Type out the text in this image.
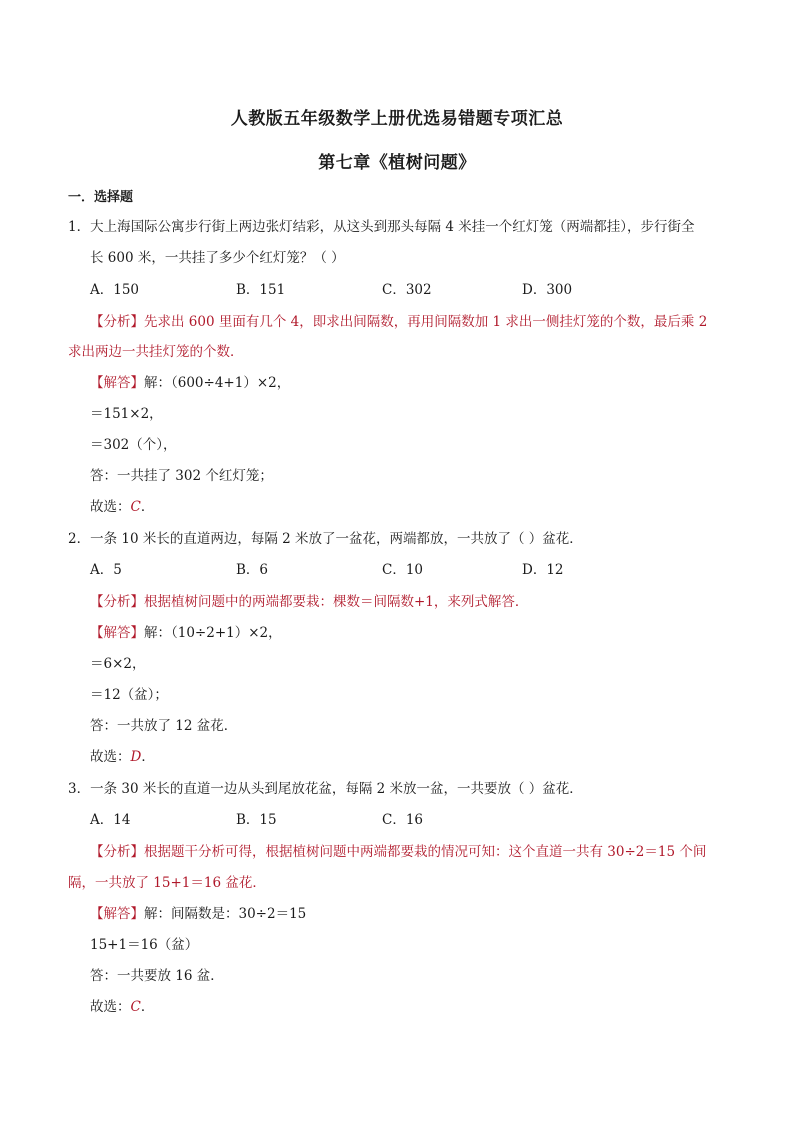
人教版五年级数学上册优选易错题专项汇总
第七章《植树问题》
一．选择题
1．大上海国际公寓步行街上两边张灯结彩，从这头到那头每隔 4 米挂一个红灯笼（两端都挂），步行街全
长 600 米，一共挂了多少个红灯笼？（ ）
A．150	B．151	C．302	D．300
【分析】先求出 600 里面有几个 4，即求出间隔数，再用间隔数加 1 求出一侧挂灯笼的个数，最后乘 2
求出两边一共挂灯笼的个数．
【解答】解：（600÷4+1）×2，
＝151×2，
＝302（个），
答：一共挂了 302 个红灯笼；
故选：C．
2．一条 10 米长的直道两边，每隔 2 米放了一盆花，两端都放，一共放了（ ）盆花．
A．5	B．6	C．10	D．12
【分析】根据植树问题中的两端都要栽：棵数＝间隔数+1，来列式解答．
【解答】解：（10÷2+1）×2，
＝6×2，
＝12（盆）；
答：一共放了 12 盆花．
故选：D．
3．一条 30 米长的直道一边从头到尾放花盆，每隔 2 米放一盆，一共要放（ ）盆花．
A．14	B．15	C．16
【分析】根据题干分析可得，根据植树问题中两端都要栽的情况可知：这个直道一共有 30÷2＝15 个间
隔，一共放了 15+1＝16 盆花．
【解答】解：间隔数是：30÷2＝15
15+1＝16（盆）
答：一共要放 16 盆．
故选：C．
